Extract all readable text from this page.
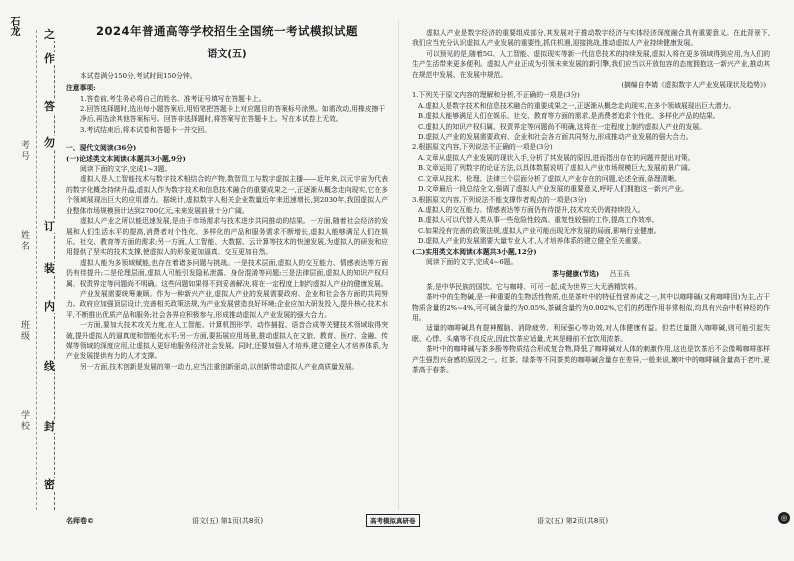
石龙 之
作
答
勿
订
装
内
线
封
密
学校
班级
姓名
考号
2024年普通高等学校招生全国统一考试模拟试题
语文(五)
本试卷满分150分,考试时间150分钟。
注意事项:
1.答卷前,考生务必将自己的姓名、准考证号填写在答题卡上。
2.回答选择题时,选出每小题答案后,用铅笔把答题卡上对应题目的答案标号涂黑。如需改动,用橡皮擦干净后,再选涂其他答案标号。回答非选择题时,将答案写在答题卡上。写在本试卷上无效。
3.考试结束后,将本试卷和答题卡一并交回。
一、现代文阅读(36分)
(一)论述类文本阅读(本题共3小题,9分)
阅读下面的文字,完成1~3题。
虚拟人是人工智能技术与数字技术相结合的产物,数智员工与数字虚拟主播——近年来,以元宇宙为代表的数字化概念持续升温,虚拟人作为数字技术和信息技术融合的重要成果之一,正逐渐从概念走向现实,它在多个领域展现出巨大的应用潜力。据统计,虚拟数字人相关企业数量近年来迅速增长,到2030年,我国虚拟人产业整体市场规模预计达到2700亿元,未来发展前景十分广阔。
虚拟人产业之所以能迅速发展,是由于市场需求与技术进步共同推动的结果。一方面,随着社会经济的发展和人们生活水平的提高,消费者对个性化、多样化的产品和服务需求不断增长,虚拟人能够满足人们在娱乐、社交、教育等方面的需求;另一方面,人工智能、大数据、云计算等技术的快速发展,为虚拟人的研发和应用提供了坚实的技术支撑,使虚拟人的形象更加逼真、交互更加自然。
虚拟人能为多领域赋能,也存在着诸多问题与挑战。一是技术层面,虚拟人的交互能力、情感表达等方面仍有待提升;二是伦理层面,虚拟人可能引发隐私泄露、身份混淆等问题;三是法律层面,虚拟人的知识产权归属、权责界定等问题尚不明确。这些问题如果得不到妥善解决,将在一定程度上制约虚拟人产业的健康发展。
产业发展需要统筹兼顾。作为一种新兴产业,虚拟人产业的发展需要政府、企业和社会各方面的共同努力。政府应加强顶层设计,完善相关政策法规,为产业发展营造良好环境;企业应加大研发投入,提升核心技术水平,不断推出优质产品和服务;社会各界应积极参与,形成推动虚拟人产业发展的强大合力。
一方面,要加大技术攻关力度,在人工智能、计算机图形学、动作捕捉、语音合成等关键技术领域取得突破,提升虚拟人的逼真度和智能化水平;另一方面,要拓展应用场景,推动虚拟人在文旅、教育、医疗、金融、传媒等领域的深度应用,让虚拟人更好地服务经济社会发展。同时,还要加强人才培养,建立健全人才培养体系,为产业发展提供有力的人才支撑。
另一方面,技术创新是发展的第一动力,应当注重创新驱动,以创新带动虚拟人产业高质量发展。
虚拟人产业是数字经济的重要组成部分,其发展对于推动数字经济与实体经济深度融合具有重要意义。在此背景下,我们应当充分认识虚拟人产业发展的重要性,抓住机遇,迎接挑战,推动虚拟人产业持续健康发展。
可以预见的是,随着5G、人工智能、虚拟现实等新一代信息技术的持续发展,虚拟人将在更多领域得到应用,为人们的生产生活带来更多便利。虚拟人产业正成为引领未来发展的新引擎,我们应当以开放包容的态度拥抱这一新兴产业,推动其在规范中发展、在发展中规范。
(摘编自李婧《虚拟数字人产业发展现状及趋势》)
1.下列关于原文内容的理解和分析,不正确的一项是(3分)
A.虚拟人是数字技术和信息技术融合的重要成果之一,正逐渐从概念走向现实,在多个领域展现出巨大潜力。
B.虚拟人能够满足人们在娱乐、社交、教育等方面的需求,是消费者追求个性化、多样化产品的结果。
C.虚拟人的知识产权归属、权责界定等问题尚不明确,这将在一定程度上制约虚拟人产业的发展。
D.虚拟人产业的发展需要政府、企业和社会各方面共同努力,形成推动产业发展的强大合力。
2.根据原文内容,下列说法不正确的一项是(3分)
A.文章从虚拟人产业发展的现状入手,分析了其发展的原因,进而指出存在的问题并提出对策。
B.文章运用了列数字的论证方法,以具体数据说明了虚拟人产业市场规模巨大,发展前景广阔。
C.文章从技术、伦理、法律三个层面分析了虚拟人产业存在的问题,论述全面,条理清晰。
D.文章最后一段总结全文,强调了虚拟人产业发展的重要意义,呼吁人们拥抱这一新兴产业。
3.根据原文内容,下列说法不能支撑作者观点的一项是(3分)
A.虚拟人的交互能力、情感表达等方面仍有待提升,技术攻关仍需持续投入。
B.虚拟人可以代替人类从事一些危险性较高、重复性较强的工作,提高工作效率。
C.如果没有完善的政策法规,虚拟人产业可能出现无序发展的局面,影响行业健康。
D.虚拟人产业的发展需要大量专业人才,人才培养体系的建立健全至关重要。
(二)实用类文本阅读(本题共3小题,12分)
阅读下面的文字,完成4~6题。
茶与健康(节选) 吕玉兵
茶,是中华民族的国饮。它与咖啡、可可一起,成为世界三大无酒精饮料。
茶叶中的生物碱,是一种重要的生物活性物质,也是茶叶中的特征性营养成之一,其中以咖啡碱(又称咖啡因)为主,占干物质含量的2%~4%,可可碱含量约为0.05%,茶碱含量约为0.002%,它们的药理作用非常相似,均具有兴奋中枢神经的作用。
适量的咖啡碱具有提神醒脑、消除疲劳、利尿强心等功效,对人体健康有益。但若过量摄入咖啡碱,则可能引起失眠、心悸、头痛等不良反应,因此饮茶应适量,尤其是睡前不宜饮用浓茶。
茶叶中的咖啡碱与茶多酚等物质结合形成复合物,降低了咖啡碱对人体的刺激作用,这也是饮茶后不会像喝咖啡那样产生强烈兴奋感的原因之一。红茶、绿茶等不同茶类的咖啡碱含量存在差异,一般来说,嫩叶中的咖啡碱含量高于老叶,夏茶高于春茶。
名师卷©	语文(五) 第1页(共8页)	高考模拟真研卷	语文(五) 第2页(共8页)	◎
